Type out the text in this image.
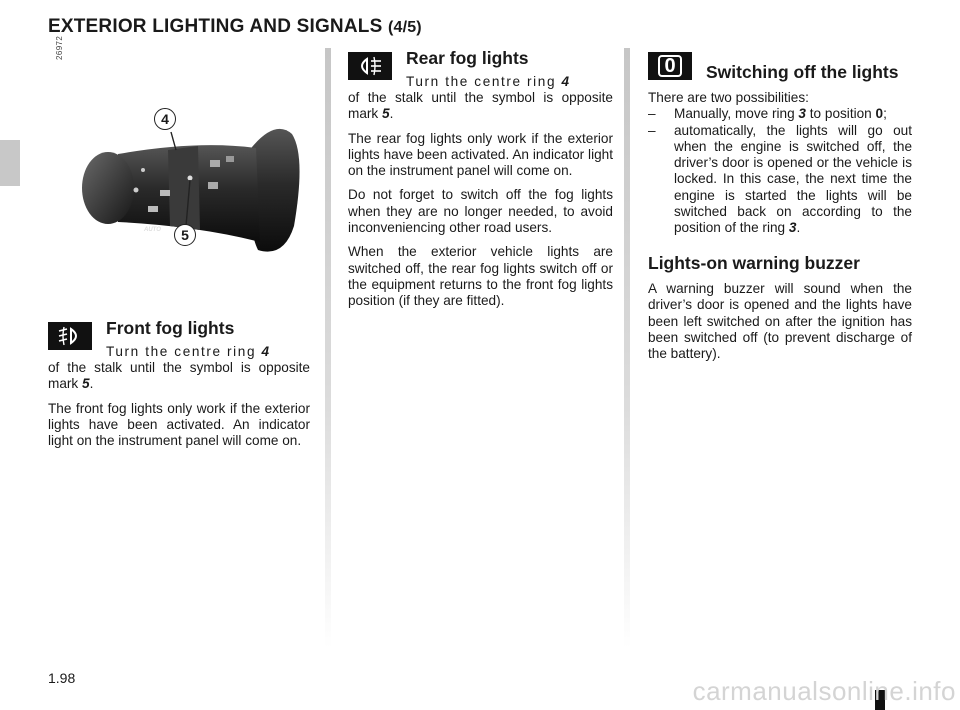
EXTERIOR LIGHTING AND SIGNALS (4/5)
26972
4
5
AUTO
Front fog lights
Turn the centre ring 4

of the stalk until the symbol is opposite mark 5.

The front fog lights only work if the exterior lights have been activated. An indicator light on the instrument panel will come on.

Rear fog lights
Turn the centre ring 4

of the stalk until the symbol is opposite mark 5.

The rear fog lights only work if the exterior lights have been activated. An indicator light on the instrument panel will come on.

Do not forget to switch off the fog lights when they are no longer needed, to avoid inconveniencing other road users.

When the exterior vehicle lights are switched off, the rear fog lights switch off or the equipment returns to the front fog lights position (if they are fitted).

0	Switching off the lights

There are two possibilities:

– Manually, move ring 3 to position 0;
– automatically, the lights will go out when the engine is switched off, the driver’s door is opened or the vehicle is locked. In this case, the next time the engine is started the lights will be switched back on according to the position of the ring 3.
Lights-on warning buzzer

A warning buzzer will sound when the driver’s door is opened and the lights have been left switched on after the ignition has been switched off (to prevent discharge of the battery).

1.98	carmanualsonline.info
